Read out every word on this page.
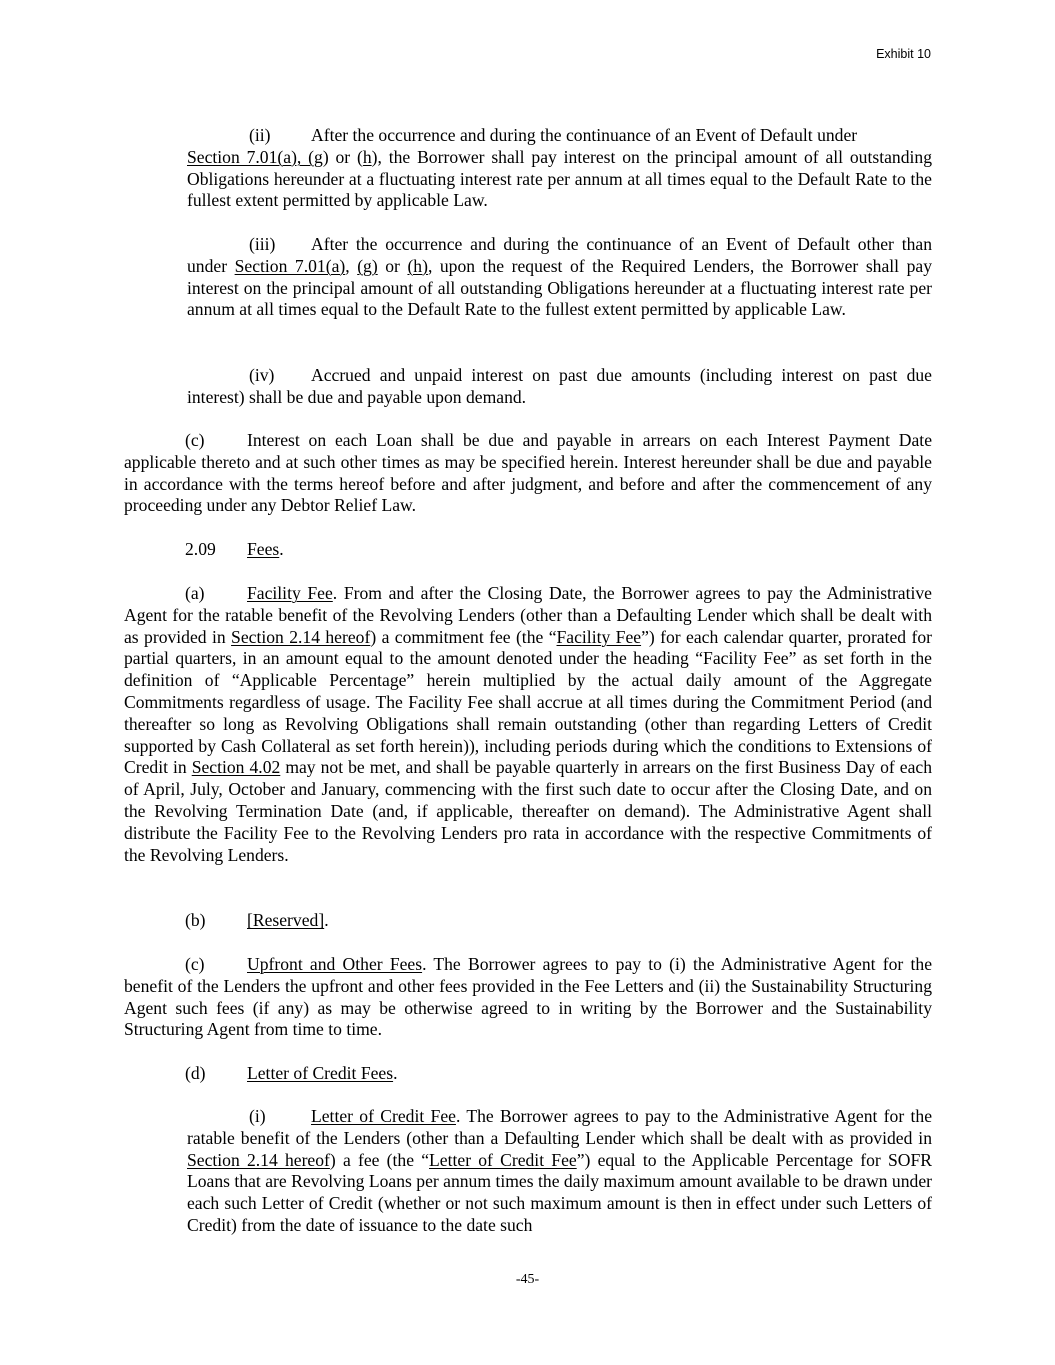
Exhibit 10

(ii) After the occurrence and during the continuance of an Event of Default under
Section 7.01(a), (g) or (h), the Borrower shall pay interest on the principal amount of all outstanding Obligations hereunder at a fluctuating interest rate per annum at all times equal to the Default Rate to the fullest extent permitted by applicable Law.

(iii) After the occurrence and during the continuance of an Event of Default other than under Section 7.01(a), (g) or (h), upon the request of the Required Lenders, the Borrower shall pay interest on the principal amount of all outstanding Obligations hereunder at a fluctuating interest rate per annum at all times equal to the Default Rate to the fullest extent permitted by applicable Law.

(iv) Accrued and unpaid interest on past due amounts (including interest on past due interest) shall be due and payable upon demand.

(c) Interest on each Loan shall be due and payable in arrears on each Interest Payment Date applicable thereto and at such other times as may be specified herein. Interest hereunder shall be due and payable in accordance with the terms hereof before and after judgment, and before and after the commencement of any proceeding under any Debtor Relief Law.

2.09 Fees.

(a) Facility Fee. From and after the Closing Date, the Borrower agrees to pay the Administrative Agent for the ratable benefit of the Revolving Lenders (other than a Defaulting Lender which shall be dealt with as provided in Section 2.14 hereof) a commitment fee (the “Facility Fee”) for each calendar quarter, prorated for partial quarters, in an amount equal to the amount denoted under the heading “Facility Fee” as set forth in the definition of “Applicable Percentage” herein multiplied by the actual daily amount of the Aggregate Commitments regardless of usage. The Facility Fee shall accrue at all times during the Commitment Period (and thereafter so long as Revolving Obligations shall remain outstanding (other than regarding Letters of Credit supported by Cash Collateral as set forth herein)), including periods during which the conditions to Extensions of Credit in Section 4.02 may not be met, and shall be payable quarterly in arrears on the first Business Day of each of April, July, October and January, commencing with the first such date to occur after the Closing Date, and on the Revolving Termination Date (and, if applicable, thereafter on demand). The Administrative Agent shall distribute the Facility Fee to the Revolving Lenders pro rata in accordance with the respective Commitments of the Revolving Lenders.

(b) [Reserved].

(c) Upfront and Other Fees. The Borrower agrees to pay to (i) the Administrative Agent for the benefit of the Lenders the upfront and other fees provided in the Fee Letters and (ii) the Sustainability Structuring Agent such fees (if any) as may be otherwise agreed to in writing by the Borrower and the Sustainability Structuring Agent from time to time.

(d) Letter of Credit Fees.

(i)	Letter of Credit Fee. The Borrower agrees to pay to the Administrative Agent for the ratable benefit of the Lenders (other than a Defaulting Lender which shall be dealt with as provided in Section 2.14 hereof) a fee (the “Letter of Credit Fee”) equal to the Applicable Percentage for SOFR Loans that are Revolving Loans per annum times the daily maximum amount available to be drawn under each such Letter of Credit (whether or not such maximum amount is then in effect under such Letters of Credit) from the date of issuance to the date such

-45-
